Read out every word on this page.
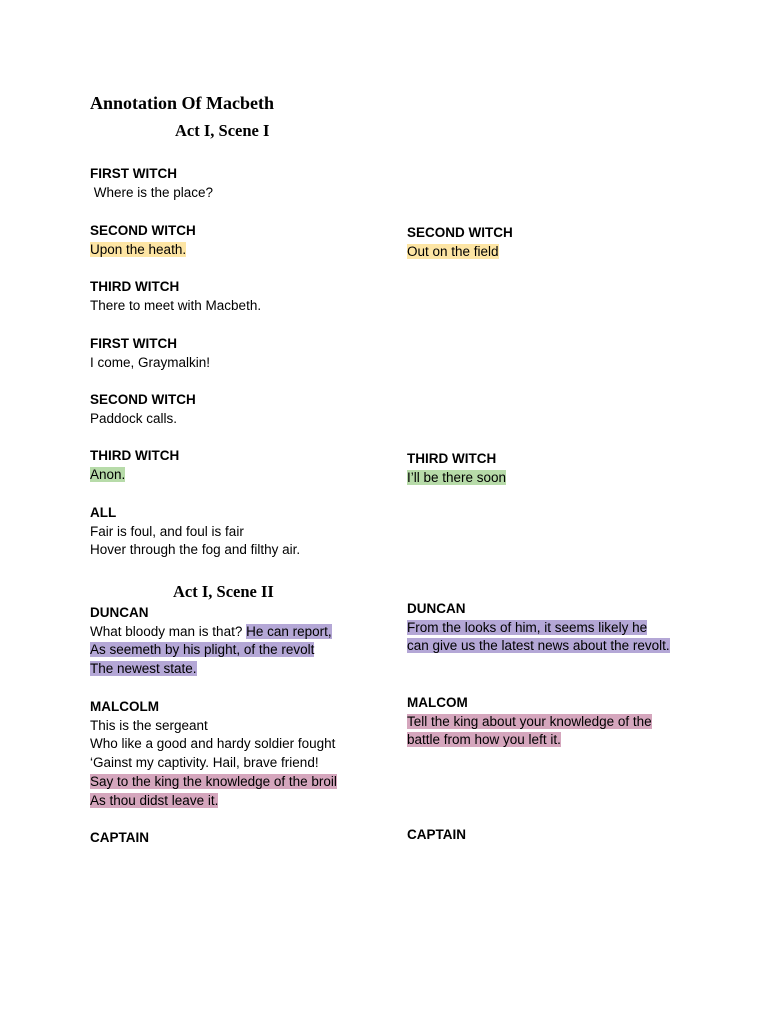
Annotation Of Macbeth
Act I, Scene I
FIRST WITCH
Where is the place?
SECOND WITCH
Upon the heath.
THIRD WITCH
There to meet with Macbeth.
FIRST WITCH
I come, Graymalkin!
SECOND WITCH
Paddock calls.
THIRD WITCH
Anon.
ALL
Fair is foul, and foul is fair
Hover through the fog and filthy air.
Act I, Scene II
DUNCAN
What bloody man is that? He can report,
As seemeth by his plight, of the revolt
The newest state.
MALCOLM
This is the sergeant
Who like a good and hardy soldier fought
‘Gainst my captivity. Hail, brave friend!
Say to the king the knowledge of the broil
As thou didst leave it.
CAPTAIN
SECOND WITCH
Out on the field
THIRD WITCH
I’ll be there soon
DUNCAN
From the looks of him, it seems likely he
can give us the latest news about the revolt.
MALCOM
Tell the king about your knowledge of the
battle from how you left it.
CAPTAIN
